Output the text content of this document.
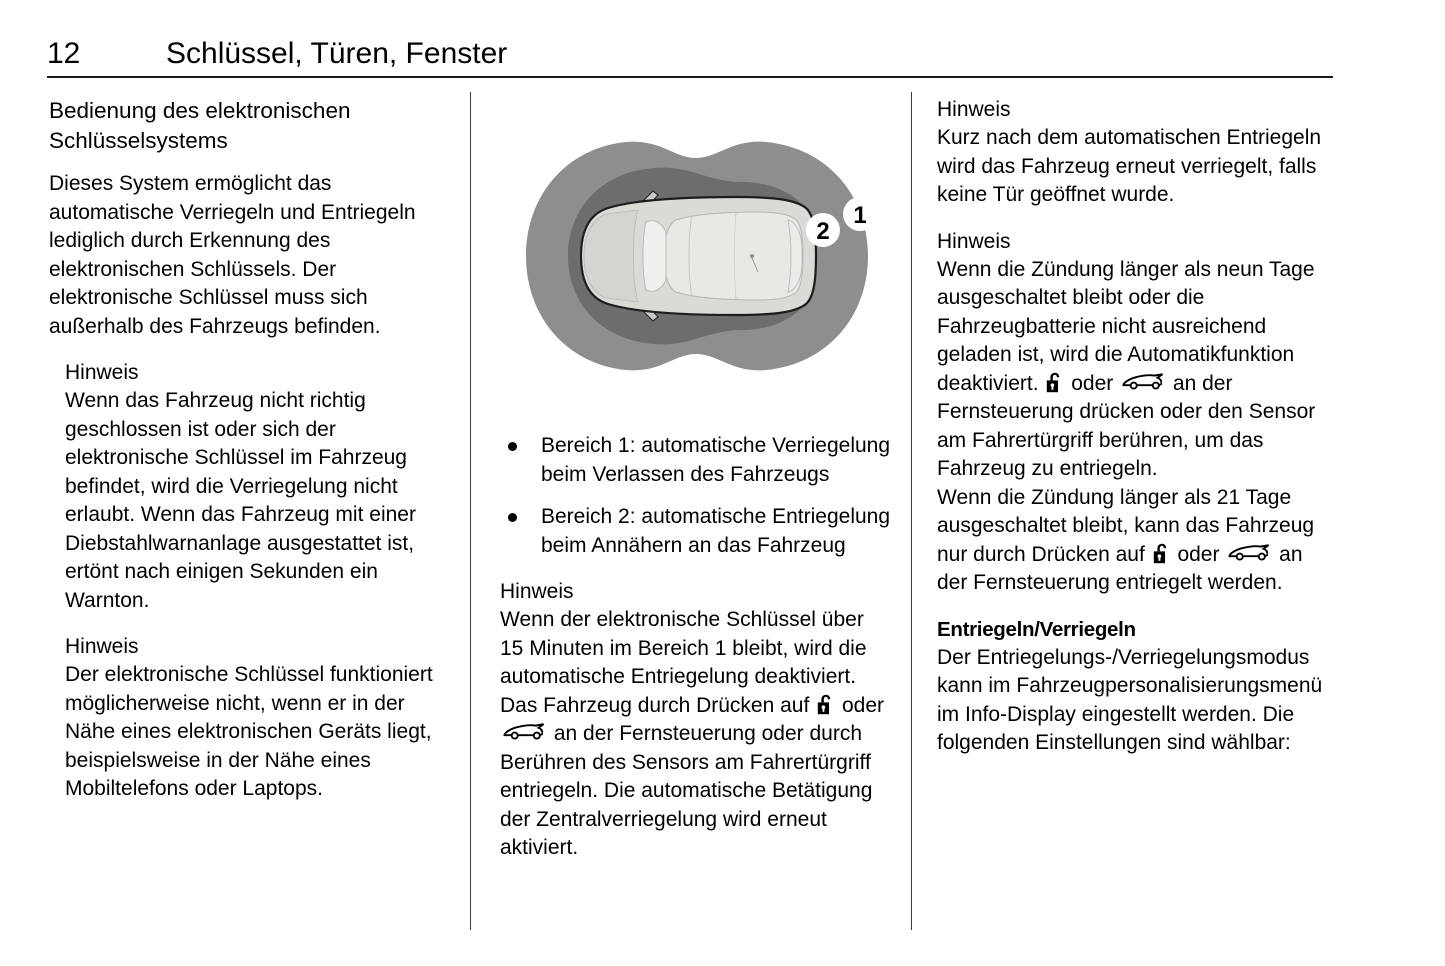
12	Schlüssel, Türen, Fenster
Bedienung des elektronischen Schlüsselsystems

Dieses System ermöglicht das automatische Verriegeln und Entriegeln lediglich durch Erkennung des elektronischen Schlüssels. Der elektronische Schlüssel muss sich außerhalb des Fahrzeugs befinden.

Hinweis

Wenn das Fahrzeug nicht richtig geschlossen ist oder sich der elektronische Schlüssel im Fahrzeug befindet, wird die Verriegelung nicht erlaubt. Wenn das Fahrzeug mit einer Diebstahlwarnanlage ausgestattet ist, ertönt nach einigen Sekunden ein Warnton.

Hinweis

Der elektronische Schlüssel funktioniert möglicherweise nicht, wenn er in der Nähe eines elektronischen Geräts liegt, beispielsweise in der Nähe eines Mobiltelefons oder Laptops.

2
1
Bereich 1: automatische Verriegelung beim Verlassen des Fahrzeugs
Bereich 2: automatische Entriegelung beim Annähern an das Fahrzeug
Hinweis

Wenn der elektronische Schlüssel über 15 Minuten im Bereich 1 bleibt, wird die automatische Entriegelung deaktiviert. Das Fahrzeug durch Drücken auf  oder  an der Fernsteuerung oder durch Berühren des Sensors am Fahrertürgriff entriegeln. Die automatische Betätigung der Zentralverriegelung wird erneut aktiviert.

Hinweis

Kurz nach dem automatischen Entriegeln wird das Fahrzeug erneut verriegelt, falls keine Tür geöffnet wurde.

Hinweis

Wenn die Zündung länger als neun Tage ausgeschaltet bleibt oder die Fahrzeugbatterie nicht ausreichend geladen ist, wird die Automatikfunktion deaktiviert.  oder  an der Fernsteuerung drücken oder den Sensor am Fahrertürgriff berühren, um das Fahrzeug zu entriegeln.

Wenn die Zündung länger als 21 Tage ausgeschaltet bleibt, kann das Fahrzeug nur durch Drücken auf  oder  an der Fernsteuerung entriegelt werden.

Entriegeln/Verriegeln

Der Entriegelungs-/Verriegelungsmodus kann im Fahrzeugpersonalisierungsmenü im Info-Display eingestellt werden. Die folgenden Einstellungen sind wählbar:
